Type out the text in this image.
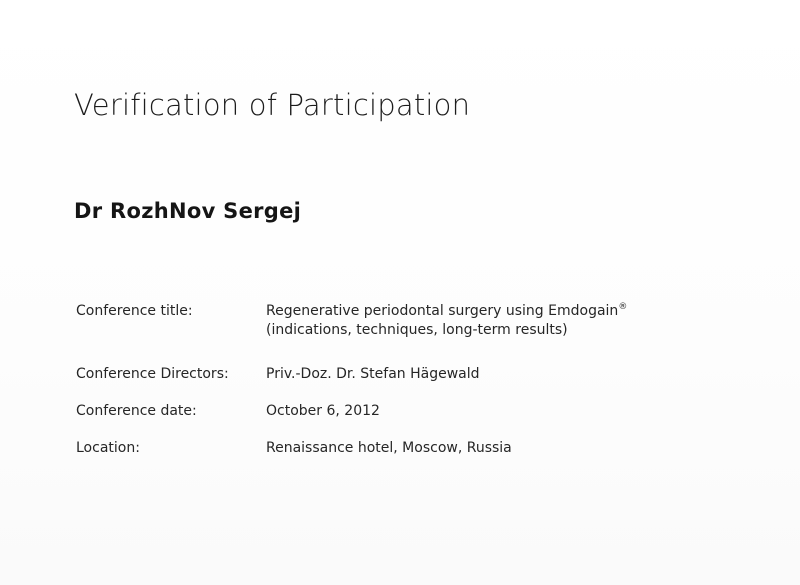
Verification of Participation
Dr RozhNov Sergej
Conference title:	Regenerative periodontal surgery using Emdogain® (indications, techniques, long-term results)
Conference Directors:	Priv.-Doz. Dr. Stefan Hägewald
Conference date:	October 6, 2012
Location:	Renaissance hotel, Moscow, Russia
